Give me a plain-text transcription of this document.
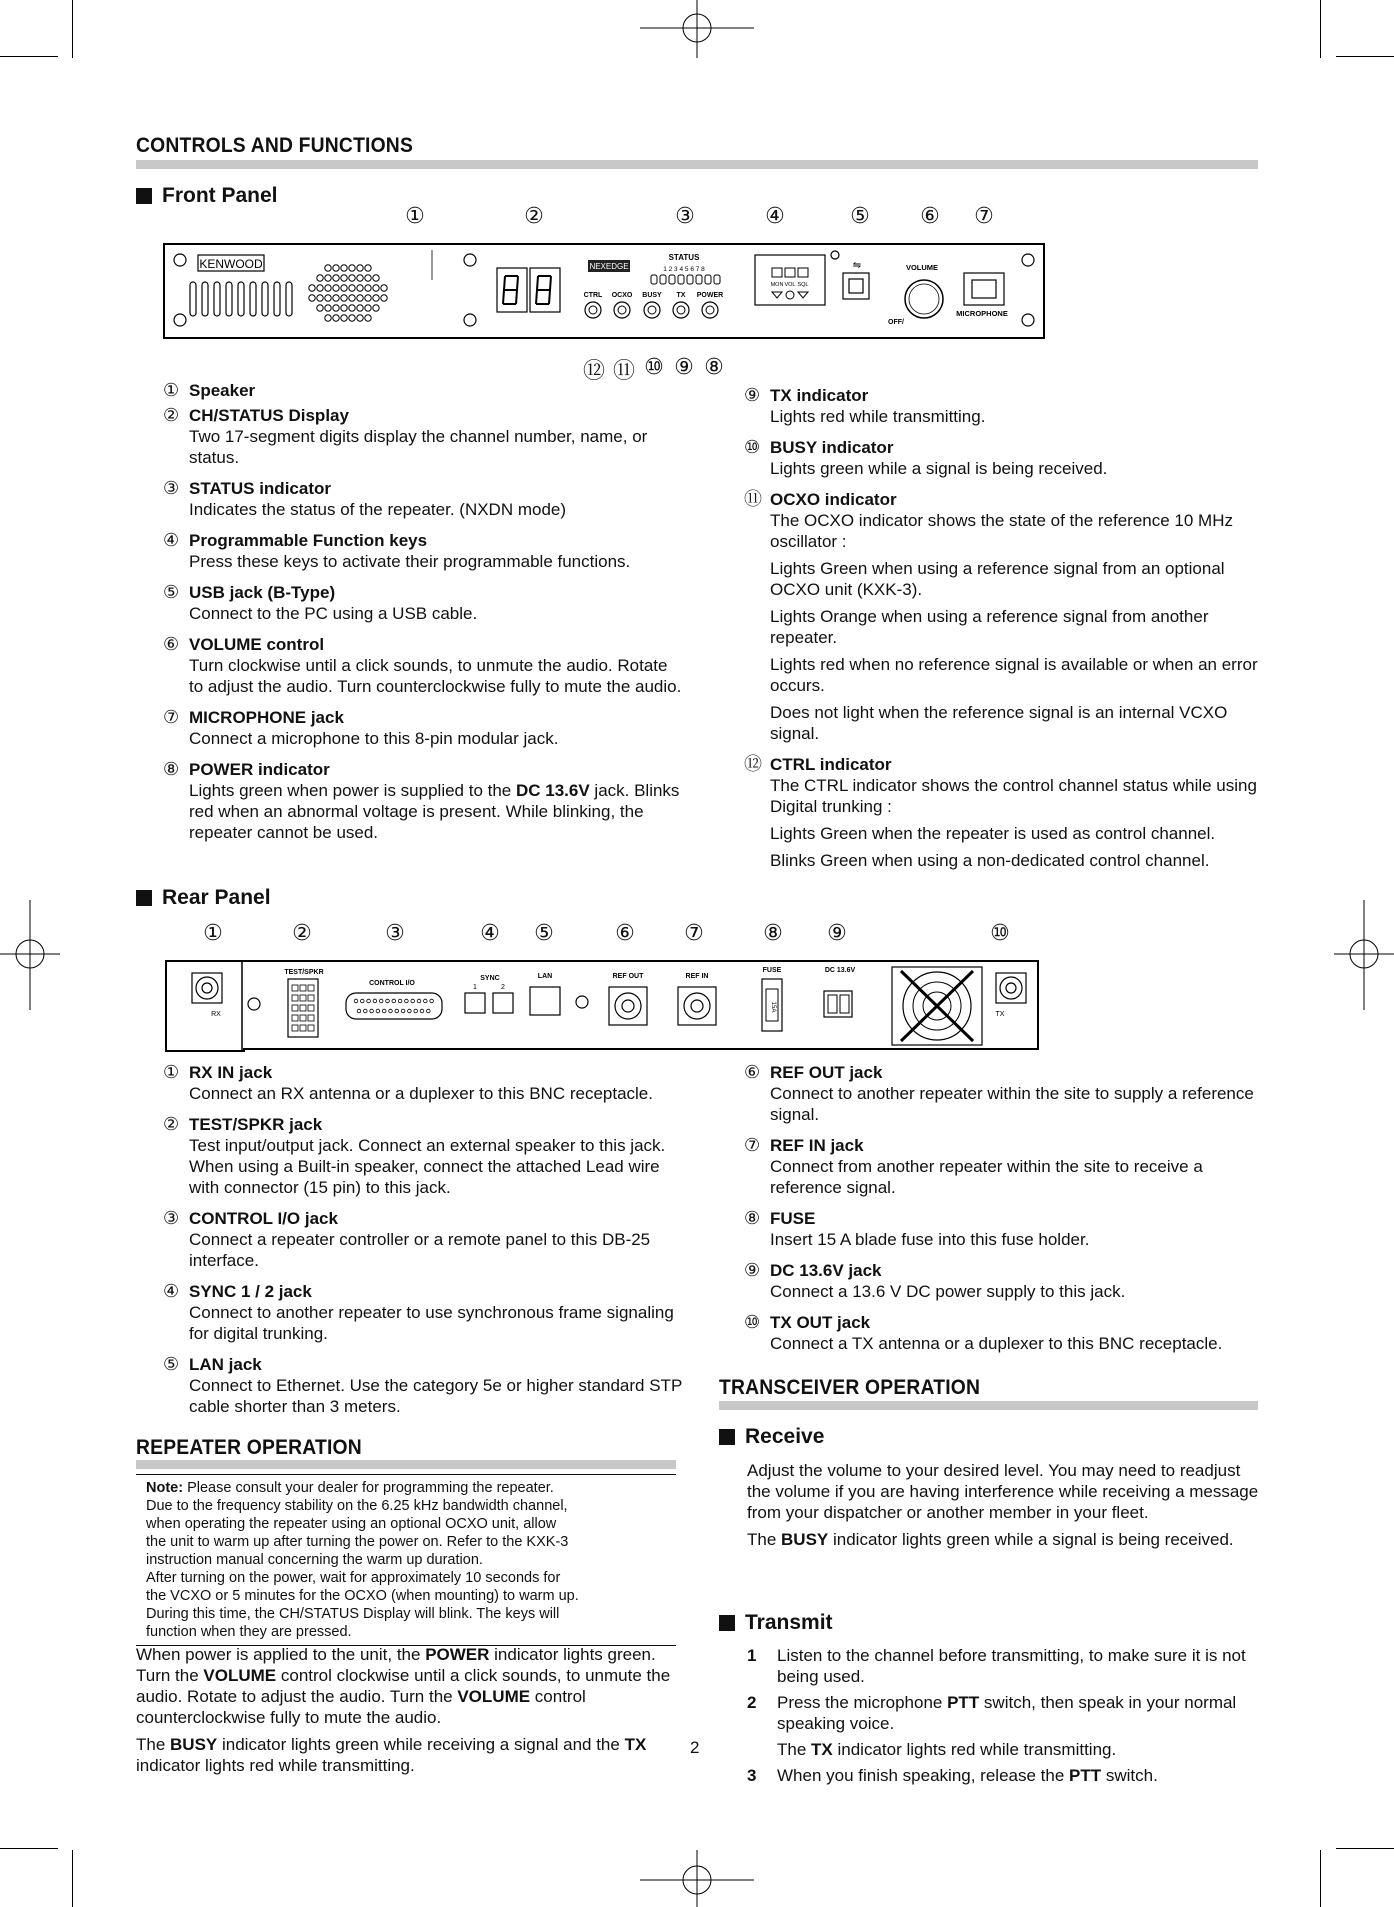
CONTROLS AND FUNCTIONS
Front Panel
①	②	③	④	⑤ ⑥ ⑦
⑫ ⑪ ⑩ ⑨ ⑧
KENWOOD	NEXEDGE
STATUS
1 2 3 4 5 6 7 8
CTRL OCXO BUSY TX POWER
MON VOL SQL
⇋	VOLUME
OFF/
MICROPHONE
① Speaker
② CH/STATUS Display
Two 17-segment digits display the channel number, name, or status.
③ STATUS indicator
Indicates the status of the repeater. (NXDN mode)
④ Programmable Function keys
Press these keys to activate their programmable functions.
⑤ USB jack (B-Type)
Connect to the PC using a USB cable.
⑥ VOLUME control
Turn clockwise until a click sounds, to unmute the audio. Rotate to adjust the audio. Turn counterclockwise fully to mute the audio.
⑦ MICROPHONE jack
Connect a microphone to this 8-pin modular jack.
⑧ POWER indicator
Lights green when power is supplied to the DC 13.6V jack. Blinks red when an abnormal voltage is present. While blinking, the repeater cannot be used.
⑨ TX indicator
Lights red while transmitting.
⑩ BUSY indicator
Lights green while a signal is being received.
⑪ OCXO indicator
The OCXO indicator shows the state of the reference 10 MHz oscillator :
Lights Green when using a reference signal from an optional OCXO unit (KXK-3).
Lights Orange when using a reference signal from another repeater.
Lights red when no reference signal is available or when an error occurs.
Does not light when the reference signal is an internal VCXO signal.
⑫ CTRL indicator
The CTRL indicator shows the control channel status while using Digital trunking :
Lights Green when the repeater is used as control channel.
Blinks Green when using a non-dedicated control channel.
Rear Panel
①	②	③	④ ⑤	⑥ ⑦	⑧ ⑨	⑩
RX
TEST/SPKR
CONTROL I/O
SYNC
1	2
LAN	REF OUT	REF IN
FUSE
15A
DC 13.6V
TX
① RX IN jack
Connect an RX antenna or a duplexer to this BNC receptacle.
② TEST/SPKR jack
Test input/output jack. Connect an external speaker to this jack. When using a Built-in speaker, connect the attached Lead wire with connector (15 pin) to this jack.
③ CONTROL I/O jack
Connect a repeater controller or a remote panel to this DB-25 interface.
④ SYNC 1 / 2 jack
Connect to another repeater to use synchronous frame signaling for digital trunking.
⑤ LAN jack
Connect to Ethernet. Use the category 5e or higher standard STP cable shorter than 3 meters.
⑥ REF OUT jack
Connect to another repeater within the site to supply a reference signal.
⑦ REF IN jack
Connect from another repeater within the site to receive a reference signal.
⑧ FUSE
Insert 15 A blade fuse into this fuse holder.
⑨ DC 13.6V jack
Connect a 13.6 V DC power supply to this jack.
⑩ TX OUT jack
Connect a TX antenna or a duplexer to this BNC receptacle.
REPEATER OPERATION
Note: Please consult your dealer for programming the repeater.
Due to the frequency stability on the 6.25 kHz bandwidth channel,
when operating the repeater using an optional OCXO unit, allow
the unit to warm up after turning the power on. Refer to the KXK-3
instruction manual concerning the warm up duration.
After turning on the power, wait for approximately 10 seconds for
the VCXO or 5 minutes for the OCXO (when mounting) to warm up.
During this time, the CH/STATUS Display will blink. The keys will
function when they are pressed.

When power is applied to the unit, the POWER indicator lights green. Turn the VOLUME control clockwise until a click sounds, to unmute the audio. Rotate to adjust the audio. Turn the VOLUME control counterclockwise fully to mute the audio.

The BUSY indicator lights green while receiving a signal and the TX indicator lights red while transmitting.

TRANSCEIVER OPERATION
Receive

Adjust the volume to your desired level. You may need to readjust the volume if you are having interference while receiving a message from your dispatcher or another member in your fleet.

The BUSY indicator lights green while a signal is being received.

Transmit
1	Listen to the channel before transmitting, to make sure it is not being used.
2	Press the microphone PTT switch, then speak in your normal speaking voice.
The TX indicator lights red while transmitting.
3	When you finish speaking, release the PTT switch.
2
